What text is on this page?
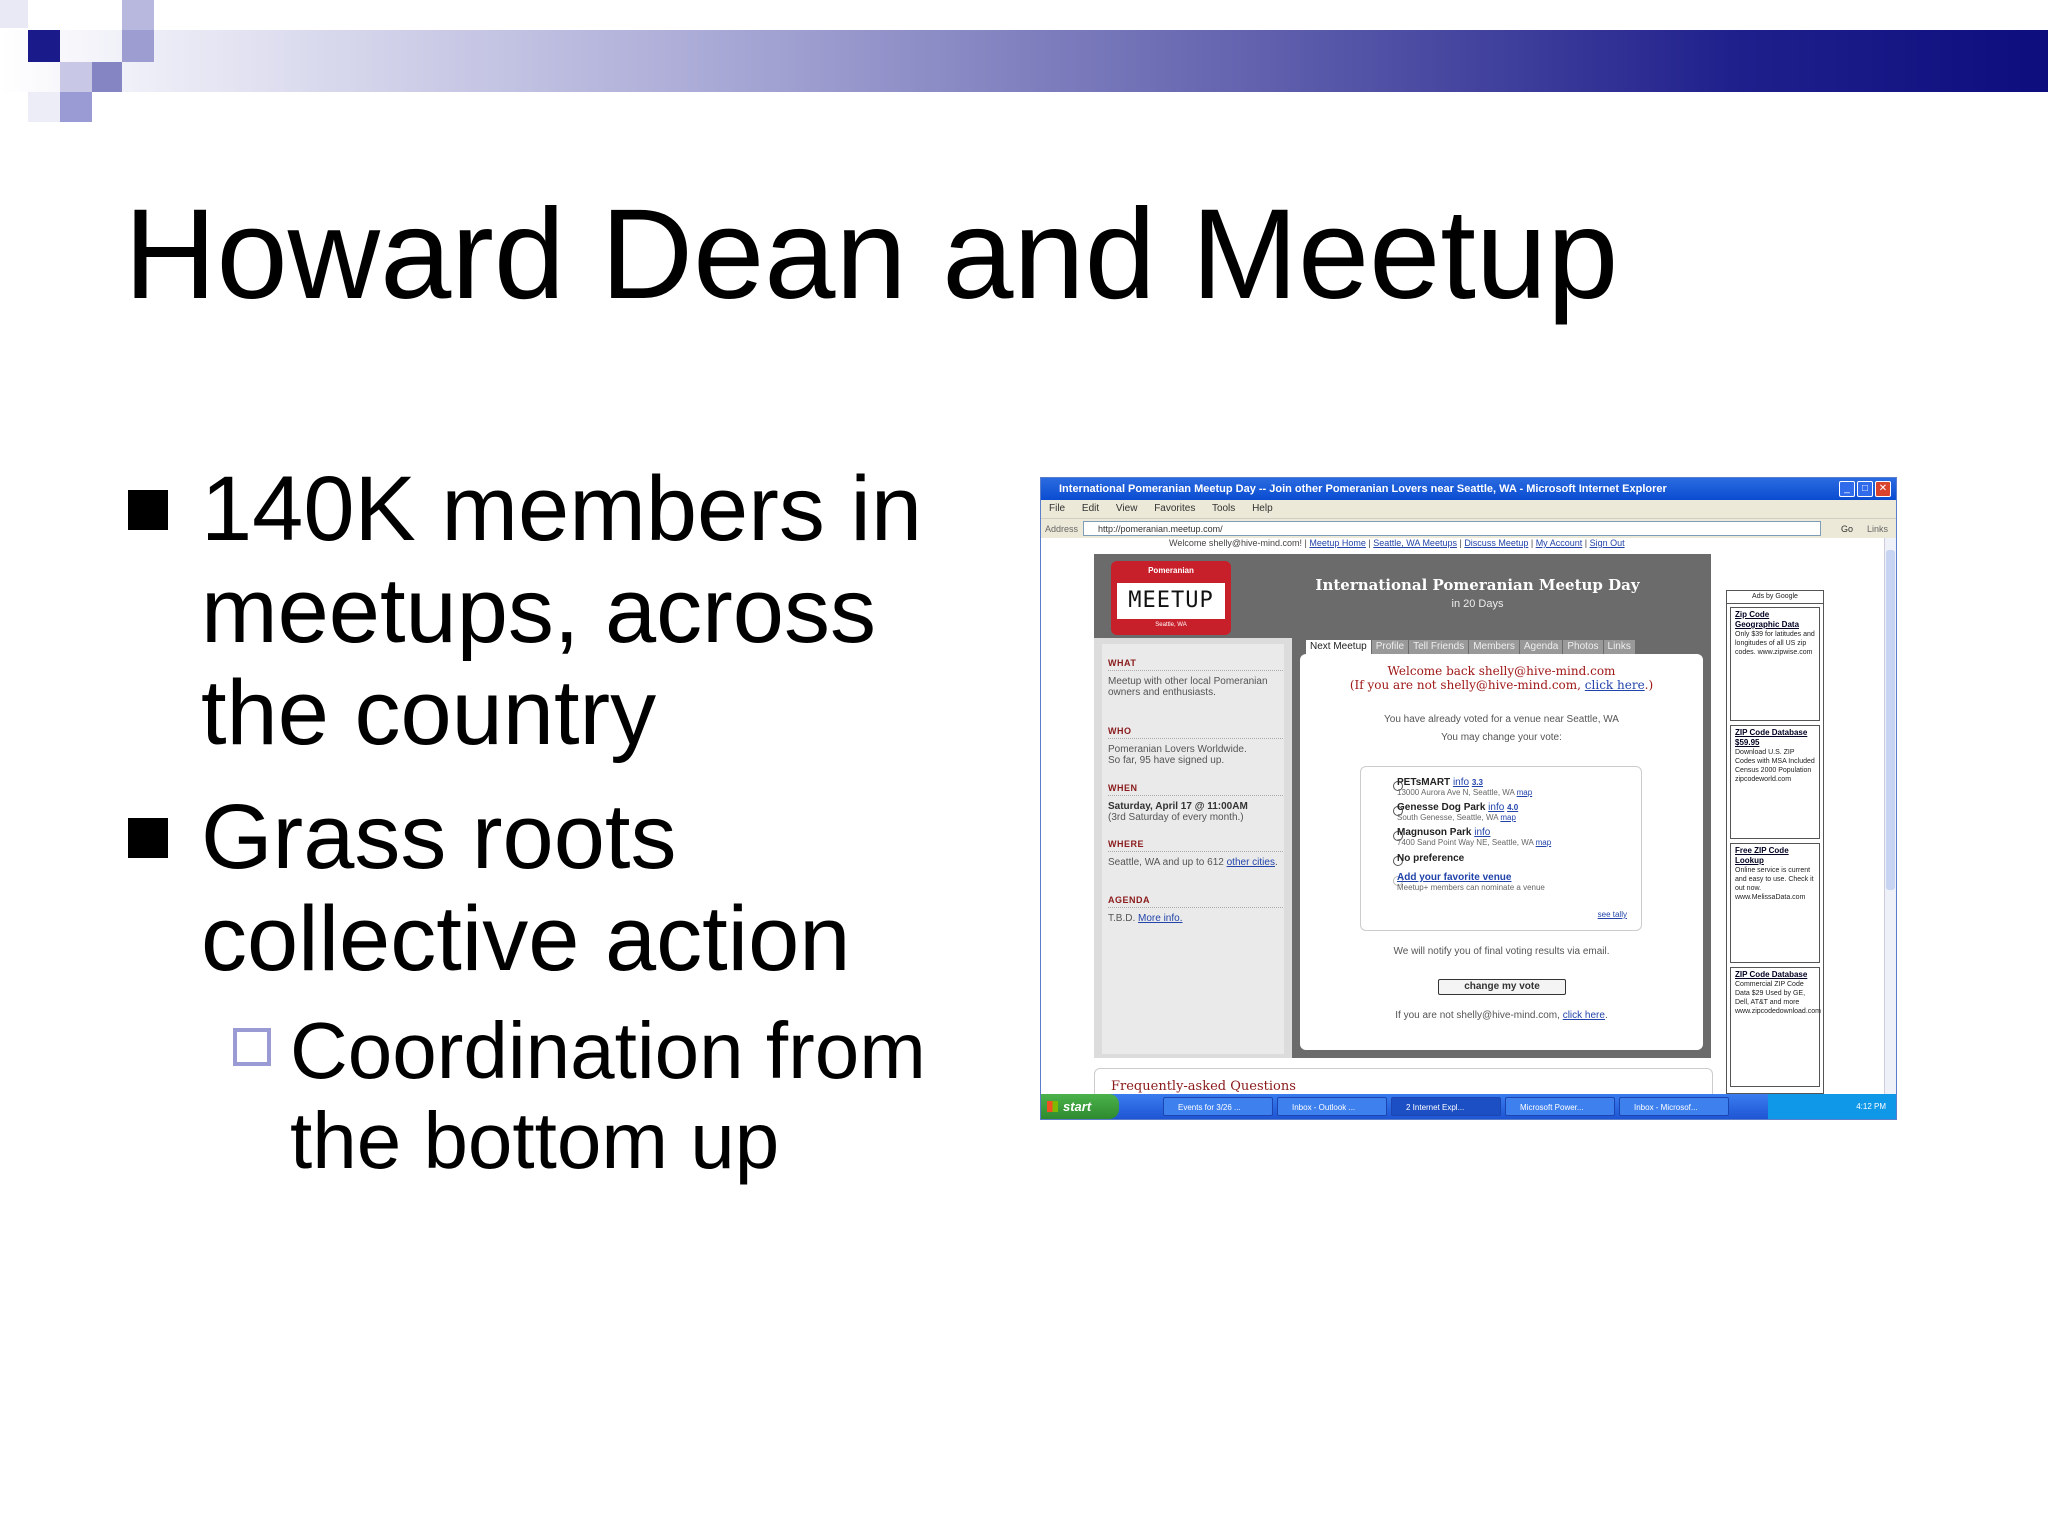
Howard Dean and Meetup
140K members in
meetups, across
the country
Grass roots
collective action
Coordination from
the bottom up
International Pomeranian Meetup Day -- Join other Pomeranian Lovers near Seattle, WA - Microsoft Internet Explorer	_	□	✕
File Edit View Favorites Tools Help
Address	http://pomeranian.meetup.com/	Go Links
Welcome shelly@hive-mind.com! | Meetup Home | Seattle, WA Meetups | Discuss Meetup | My Account | Sign Out
Pomeranian
MEETUP
Seattle, WA
International Pomeranian Meetup Day
in 20 Days
WHAT
Meetup with other local Pomeranian owners and enthusiasts.
WHO
Pomeranian Lovers Worldwide.
So far, 95 have signed up.
WHEN
Saturday, April 17 @ 11:00AM
(3rd Saturday of every month.)
WHERE
Seattle, WA and up to 612 other cities.
AGENDA
T.B.D. More info.
Next Meetup Profile Tell Friends Members Agenda Photos Links
Welcome back shelly@hive-mind.com
(If you are not shelly@hive-mind.com, click here.)
You have already voted for a venue near Seattle, WA
You may change your vote:
PETsMART info 3.3
13000 Aurora Ave N, Seattle, WA map
Genesse Dog Park info 4.0
South Genesse, Seattle, WA map
Magnuson Park info
7400 Sand Point Way NE, Seattle, WA map
No preference
Add your favorite venue
Meetup+ members can nominate a venue
see tally
We will notify you of final voting results via email.
change my vote
If you are not shelly@hive-mind.com, click here.
Frequently-asked Questions
Ads by Google
Zip Code Geographic Data
Only $39 for latitudes and longitudes of all US zip codes. www.zipwise.com
ZIP Code Database $59.95
Download U.S. ZIP Codes with MSA Included Census 2000 Population zipcodeworld.com
Free ZIP Code Lookup
Online service is current and easy to use. Check it out now. www.MelissaData.com
ZIP Code Database
Commercial ZIP Code Data $29 Used by GE, Dell, AT&T and more www.zipcodedownload.com
start	Events for 3/26 ...	Inbox - Outlook ...	2 Internet Expl...	Microsoft Power...	Inbox - Microsof...	4:12 PM
